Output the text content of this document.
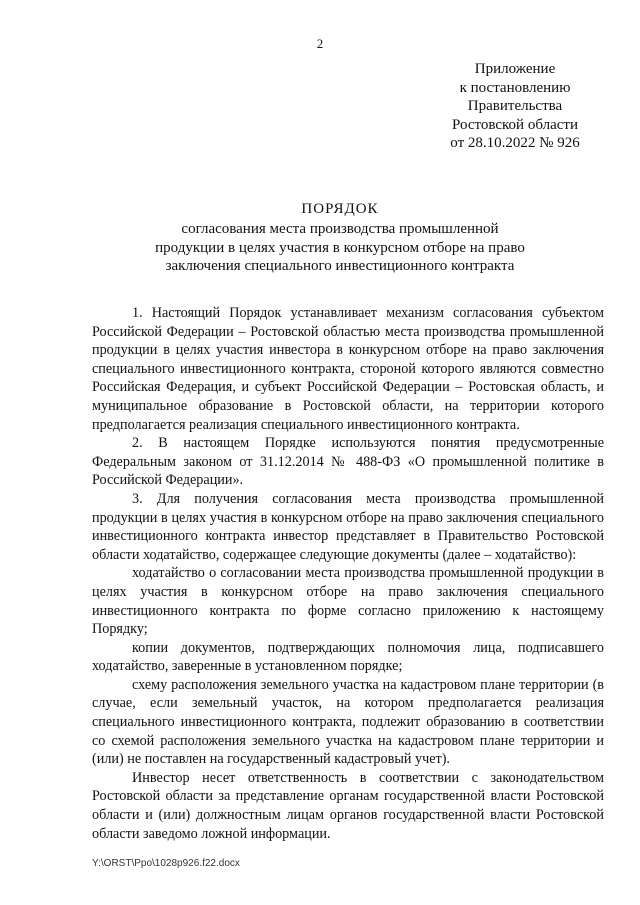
2
Приложение
к постановлению
Правительства
Ростовской области
от 28.10.2022 № 926
ПОРЯДОК
согласования места производства промышленной
продукции в целях участия в конкурсном отборе на право
заключения специального инвестиционного контракта

1. Настоящий Порядок устанавливает механизм согласования субъектом Российской Федерации – Ростовской областью места производства промышленной продукции в целях участия инвестора в конкурсном отборе на право заключения специального инвестиционного контракта, стороной которого являются совместно Российская Федерация, и субъект Российской Федерации – Ростовская область, и муниципальное образование в Ростовской области, на территории которого предполагается реализация специального инвестиционного контракта.

2. В настоящем Порядке используются понятия предусмотренные Федеральным законом от 31.12.2014 № 488-ФЗ «О промышленной политике в Российской Федерации».

3. Для получения согласования места производства промышленной продукции в целях участия в конкурсном отборе на право заключения специального инвестиционного контракта инвестор представляет в Правительство Ростовской области ходатайство, содержащее следующие документы (далее – ходатайство):

ходатайство о согласовании места производства промышленной продукции в целях участия в конкурсном отборе на право заключения специального инвестиционного контракта по форме согласно приложению к настоящему Порядку;

копии документов, подтверждающих полномочия лица, подписавшего ходатайство, заверенные в установленном порядке;

схему расположения земельного участка на кадастровом плане территории (в случае, если земельный участок, на котором предполагается реализация специального инвестиционного контракта, подлежит образованию в соответствии со схемой расположения земельного участка на кадастровом плане территории и (или) не поставлен на государственный кадастровый учет).

Инвестор несет ответственность в соответствии с законодательством Ростовской области за представление органам государственной власти Ростовской области и (или) должностным лицам органов государственной власти Ростовской области заведомо ложной информации.

Y:\ORST\Ppo\1028p926.f22.docx
